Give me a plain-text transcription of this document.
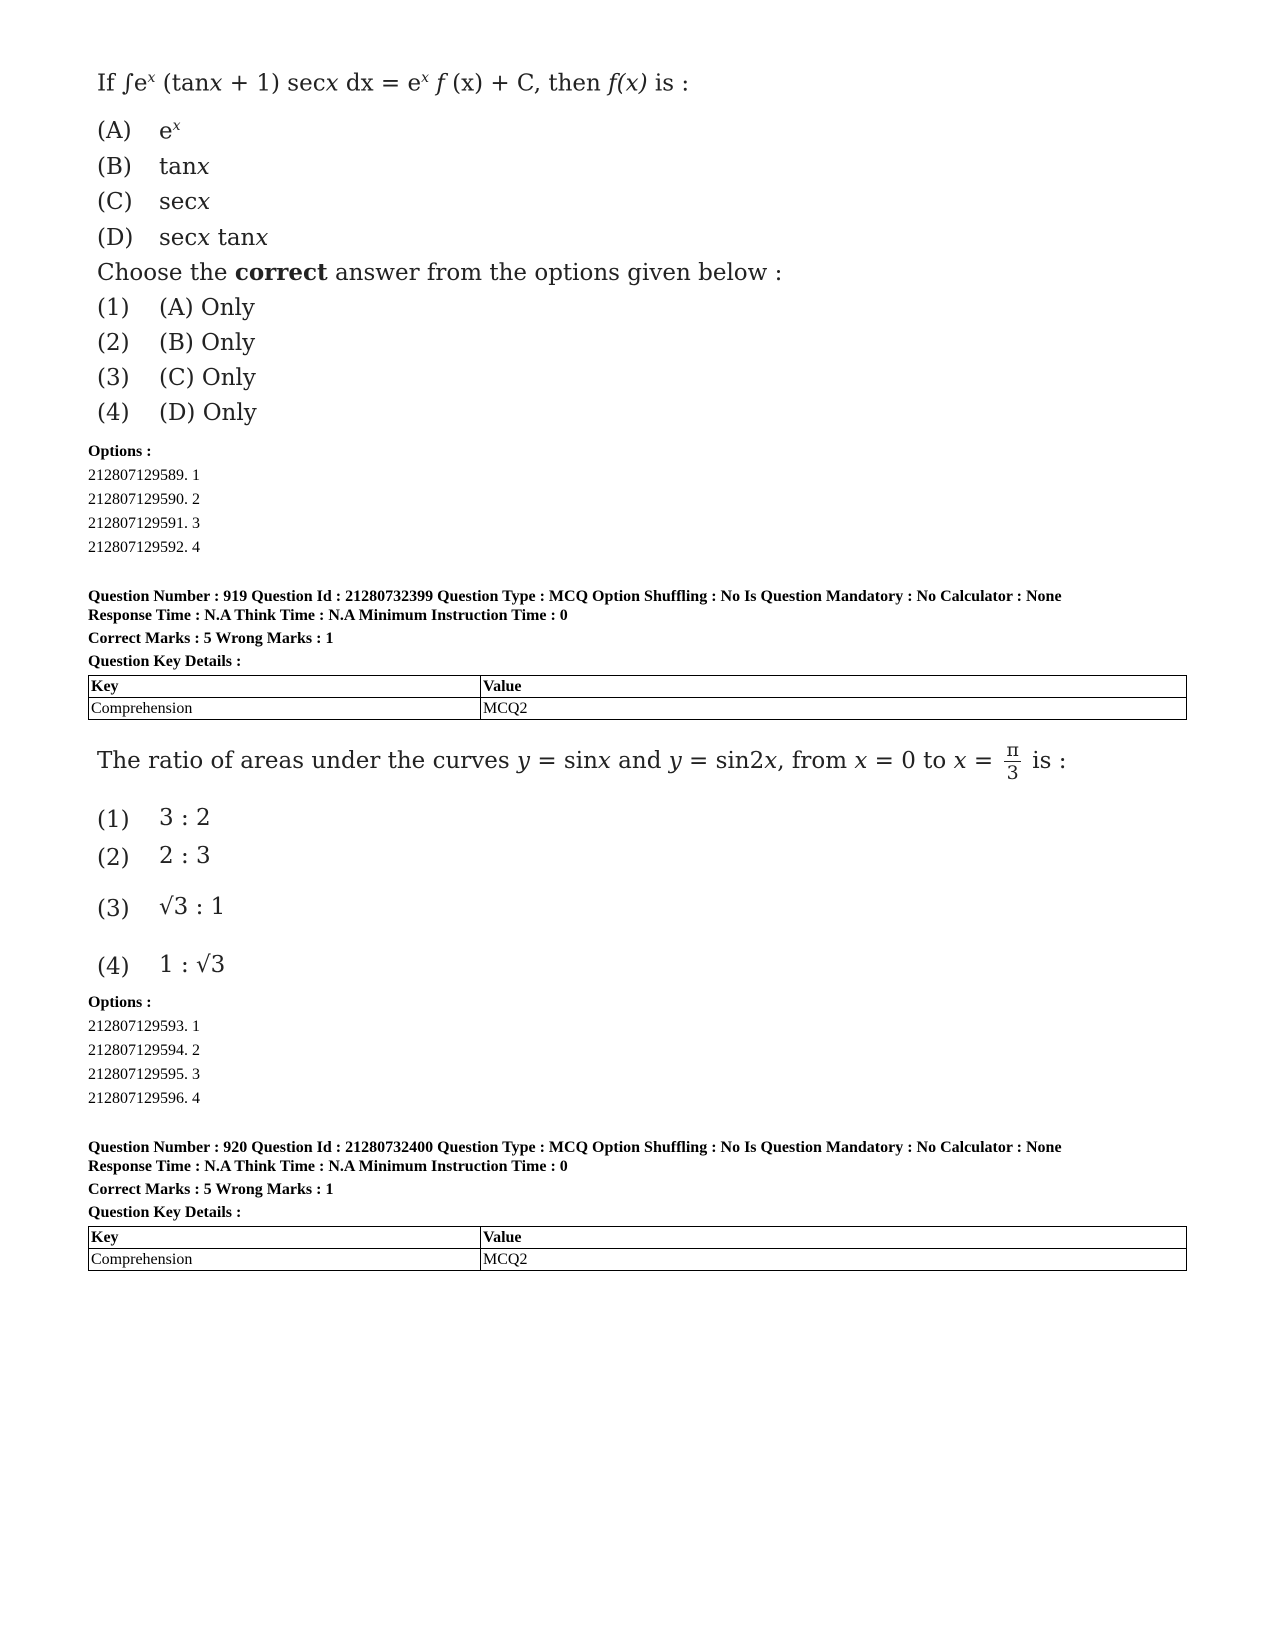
If $\int e^x$ (tanx + 1) secx dx = $e^x$ f (x) + C, then f(x) is :
(A) $e^x$
(B) tanx
(C) secx
(D) secx tanx
Choose the correct answer from the options given below :
(1) (A) Only
(2) (B) Only
(3) (C) Only
(4) (D) Only
Options :
212807129589. 1
212807129590. 2
212807129591. 3
212807129592. 4
Question Number : 919 Question Id : 21280732399 Question Type : MCQ Option Shuffling : No Is Question Mandatory : No Calculator : None
Response Time : N.A Think Time : N.A Minimum Instruction Time : 0
Correct Marks : 5 Wrong Marks : 1
Question Key Details :
Key	Value
Comprehension	MCQ2
The ratio of areas under the curves y = sinx and y = sin2x, from x = 0 to $x = \frac{\pi}{3}$ is :
(1) 3 : 2
(2) 2 : 3
(3) √3 : 1
(4) 1 : √3
Options :
212807129593. 1
212807129594. 2
212807129595. 3
212807129596. 4
Question Number : 920 Question Id : 21280732400 Question Type : MCQ Option Shuffling : No Is Question Mandatory : No Calculator : None
Response Time : N.A Think Time : N.A Minimum Instruction Time : 0
Correct Marks : 5 Wrong Marks : 1
Question Key Details :
Key	Value
Comprehension	MCQ2
